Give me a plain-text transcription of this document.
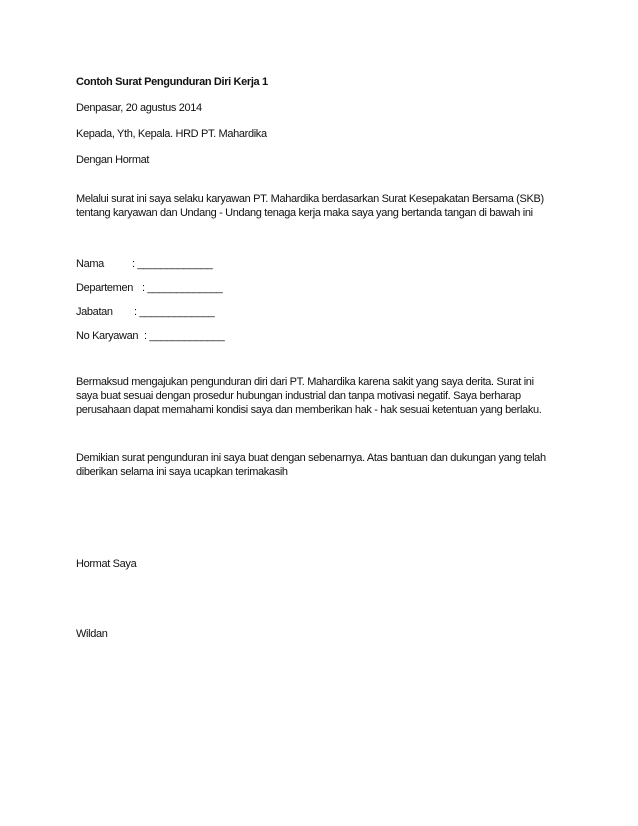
Contoh Surat Pengunduran Diri Kerja 1
Denpasar, 20 agustus 2014
Kepada, Yth, Kepala. HRD PT. Mahardika
Dengan Hormat
Melalui surat ini saya selaku karyawan PT. Mahardika berdasarkan Surat Kesepakatan Bersama (SKB)
tentang karyawan dan Undang - Undang tenaga kerja maka saya yang bertanda tangan di bawah ini
Nama	: _____________
Departemen : _____________
Jabatan : _____________
No Karyawan : _____________
Bermaksud mengajukan pengunduran diri dari PT. Mahardika karena sakit yang saya derita. Surat ini
saya buat sesuai dengan prosedur hubungan industrial dan tanpa motivasi negatif. Saya berharap
perusahaan dapat memahami kondisi saya dan memberikan hak - hak sesuai ketentuan yang berlaku.
Demikian surat pengunduran ini saya buat dengan sebenarnya. Atas bantuan dan dukungan yang telah
diberikan selama ini saya ucapkan terimakasih
Hormat Saya
Wildan
